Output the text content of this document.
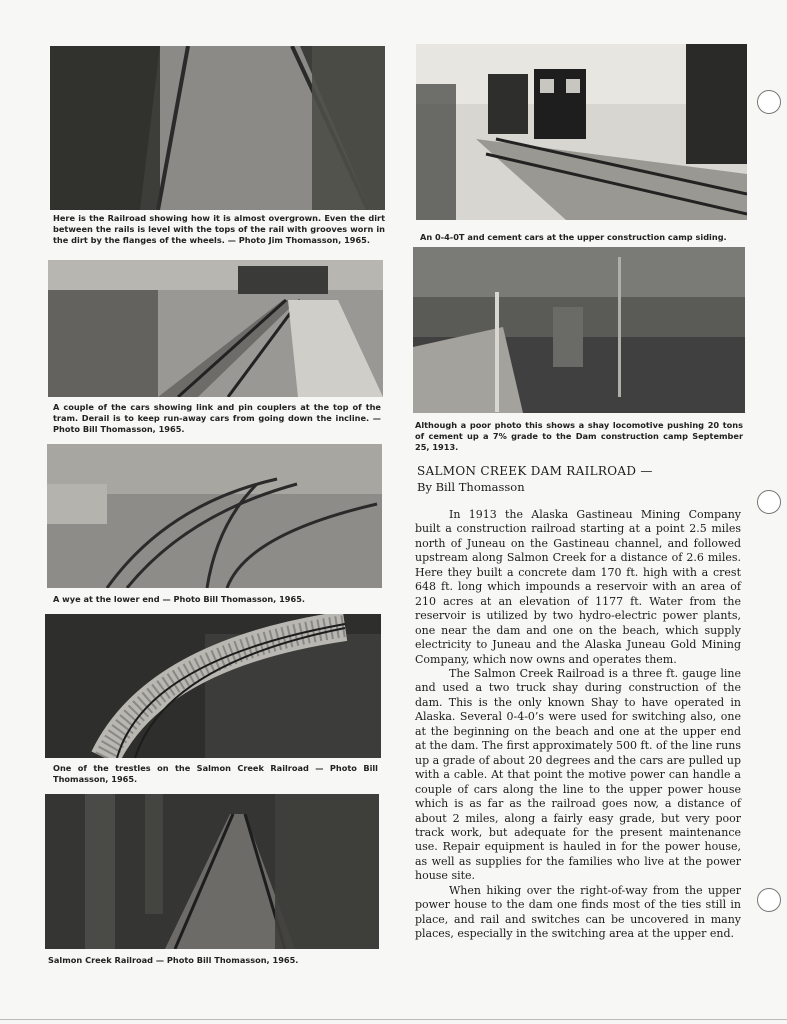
Here is the Railroad showing how it is almost overgrown. Even the dirt between the rails is level with the tops of the rail with grooves worn in the dirt by the flanges of the wheels. — Photo Jim Thomasson, 1965.
A couple of the cars showing link and pin couplers at the top of the tram. Derail is to keep run-away cars from going down the incline. — Photo Bill Thomasson, 1965.
A wye at the lower end — Photo Bill Thomasson, 1965.
One of the trestles on the Salmon Creek Railroad — Photo Bill Thomasson, 1965.
Salmon Creek Railroad — Photo Bill Thomasson, 1965.
An 0-4-0T and cement cars at the upper construction camp siding.
Although a poor photo this shows a shay locomotive pushing 20 tons of cement up a 7% grade to the Dam construction camp September 25, 1913.
SALMON CREEK DAM RAILROAD —
By Bill Thomasson

In 1913 the Alaska Gastineau Mining Company built a construction railroad starting at a point 2.5 miles north of Juneau on the Gastineau channel, and followed upstream along Salmon Creek for a distance of 2.6 miles. Here they built a concrete dam 170 ft. high with a crest 648 ft. long which impounds a reservoir with an area of 210 acres at an elevation of 1177 ft. Water from the reservoir is utilized by two hydro-electric power plants, one near the dam and one on the beach, which supply electricity to Juneau and the Alaska Juneau Gold Mining Company, which now owns and operates them.

The Salmon Creek Railroad is a three ft. gauge line and used a two truck shay during construction of the dam. This is the only known Shay to have operated in Alaska. Several 0-4-0’s were used for switching also, one at the beginning on the beach and one at the upper end at the dam. The first approximately 500 ft. of the line runs up a grade of about 20 degrees and the cars are pulled up with a cable. At that point the motive power can handle a couple of cars along the line to the upper power house which is as far as the railroad goes now, a distance of about 2 miles, along a fairly easy grade, but very poor track work, but adequate for the present maintenance use. Repair equipment is hauled in for the power house, as well as supplies for the families who live at the power house site.

When hiking over the right-of-way from the upper power house to the dam one finds most of the ties still in place, and rail and switches can be uncovered in many places, especially in the switching area at the upper end.
